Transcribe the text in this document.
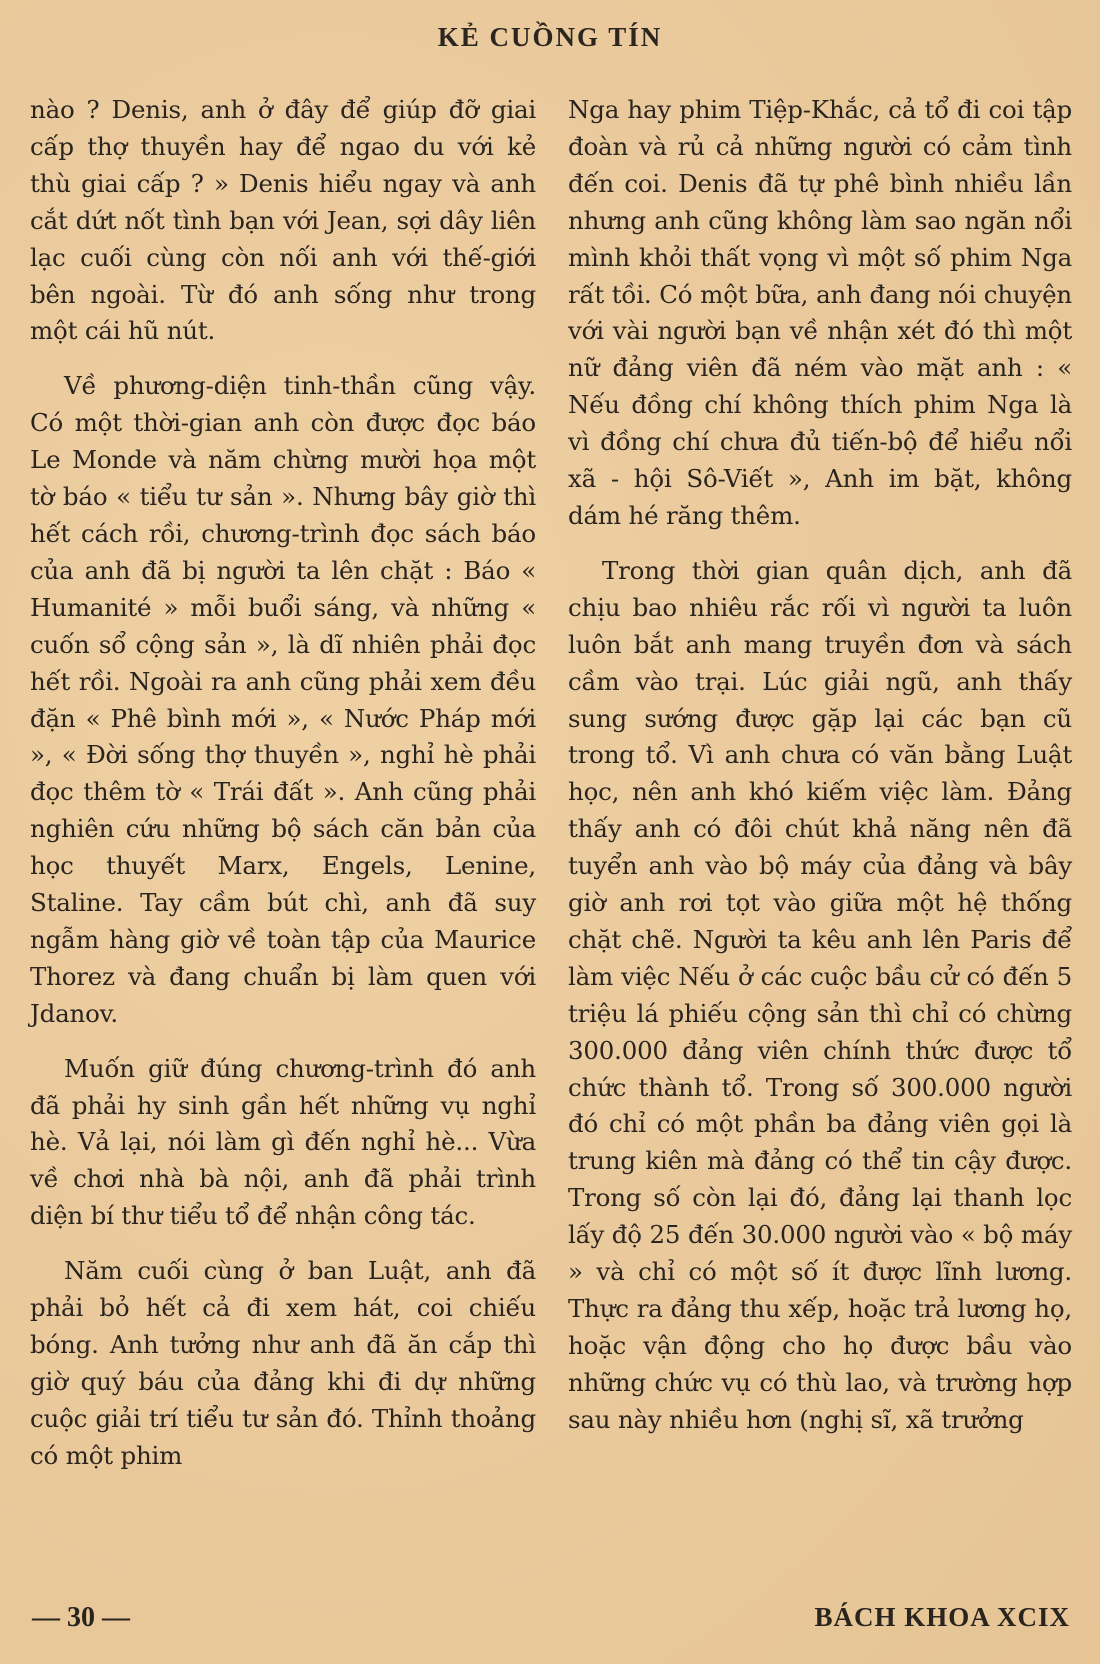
KẺ CUỒNG TÍN

nào ? Denis, anh ở đây để giúp đỡ giai cấp thợ thuyền hay để ngao du với kẻ thù giai cấp ? » Denis hiểu ngay và anh cắt dứt nốt tình bạn với Jean, sợi dây liên lạc cuối cùng còn nối anh với thế-giới bên ngoài. Từ đó anh sống như trong một cái hũ nút.

Về phương-diện tinh-thần cũng vậy. Có một thời-gian anh còn được đọc báo Le Monde và năm chừng mười họa một tờ báo « tiểu tư sản ». Nhưng bây giờ thì hết cách rồi, chương-trình đọc sách báo của anh đã bị người ta lên chặt : Báo « Humanité » mỗi buổi sáng, và những « cuốn sổ cộng sản », là dĩ nhiên phải đọc hết rồi. Ngoài ra anh cũng phải xem đều đặn « Phê bình mới », « Nước Pháp mới », « Đời sống thợ thuyền », nghỉ hè phải đọc thêm tờ « Trái đất ». Anh cũng phải nghiên cứu những bộ sách căn bản của học thuyết Marx, Engels, Lenine, Staline. Tay cầm bút chì, anh đã suy ngẫm hàng giờ về toàn tập của Maurice Thorez và đang chuẩn bị làm quen với Jdanov.

Muốn giữ đúng chương-trình đó anh đã phải hy sinh gần hết những vụ nghỉ hè. Vả lại, nói làm gì đến nghỉ hè... Vừa về chơi nhà bà nội, anh đã phải trình diện bí thư tiểu tổ để nhận công tác.

Năm cuối cùng ở ban Luật, anh đã phải bỏ hết cả đi xem hát, coi chiếu bóng. Anh tưởng như anh đã ăn cắp thì giờ quý báu của đảng khi đi dự những cuộc giải trí tiểu tư sản đó. Thỉnh thoảng có một phim

Nga hay phim Tiệp-Khắc, cả tổ đi coi tập đoàn và rủ cả những người có cảm tình đến coi. Denis đã tự phê bình nhiều lần nhưng anh cũng không làm sao ngăn nổi mình khỏi thất vọng vì một số phim Nga rất tồi. Có một bữa, anh đang nói chuyện với vài người bạn về nhận xét đó thì một nữ đảng viên đã ném vào mặt anh : « Nếu đồng chí không thích phim Nga là vì đồng chí chưa đủ tiến-bộ để hiểu nổi xã - hội Sô-Viết », Anh im bặt, không dám hé răng thêm.

Trong thời gian quân dịch, anh đã chịu bao nhiêu rắc rối vì người ta luôn luôn bắt anh mang truyền đơn và sách cầm vào trại. Lúc giải ngũ, anh thấy sung sướng được gặp lại các bạn cũ trong tổ. Vì anh chưa có văn bằng Luật học, nên anh khó kiếm việc làm. Đảng thấy anh có đôi chút khả năng nên đã tuyển anh vào bộ máy của đảng và bây giờ anh rơi tọt vào giữa một hệ thống chặt chẽ. Người ta kêu anh lên Paris để làm việc Nếu ở các cuộc bầu cử có đến 5 triệu lá phiếu cộng sản thì chỉ có chừng 300.000 đảng viên chính thức được tổ chức thành tổ. Trong số 300.000 người đó chỉ có một phần ba đảng viên gọi là trung kiên mà đảng có thể tin cậy được. Trong số còn lại đó, đảng lại thanh lọc lấy độ 25 đến 30.000 người vào « bộ máy » và chỉ có một số ít được lĩnh lương. Thực ra đảng thu xếp, hoặc trả lương họ, hoặc vận động cho họ được bầu vào những chức vụ có thù lao, và trường hợp sau này nhiều hơn (nghị sĩ, xã trưởng

— 30 —	BÁCH KHOA XCIX
